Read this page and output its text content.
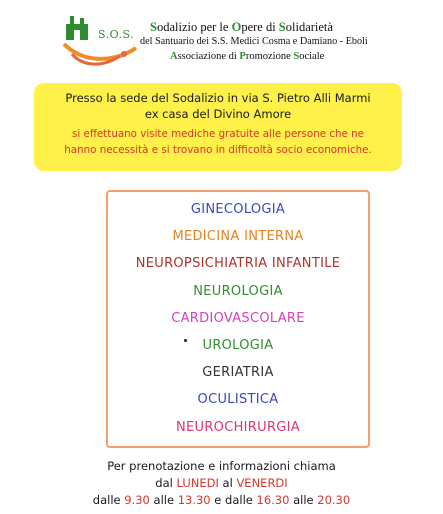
S.O.S.
Sodalizio per le Opere di Solidarietà
del Santuario dei S.S. Medici Cosma e Damiano - Eboli
Associazione di Promozione Sociale
Presso la sede del Sodalizio in via S. Pietro Alli Marmi
ex casa del Divino Amore
si effettuano visite mediche gratuite alle persone che ne
hanno necessità e si trovano in difficoltà socio economiche.
GINECOLOGIA
MEDICINA INTERNA
NEUROPSICHIATRIA INFANTILE
NEUROLOGIA
CARDIOVASCOLARE
UROLOGIA
GERIATRIA
OCULISTICA
NEUROCHIRURGIA
Per prenotazione e informazioni chiama
dal LUNEDI al VENERDI
dalle 9.30 alle 13.30 e dalle 16.30 alle 20.30
